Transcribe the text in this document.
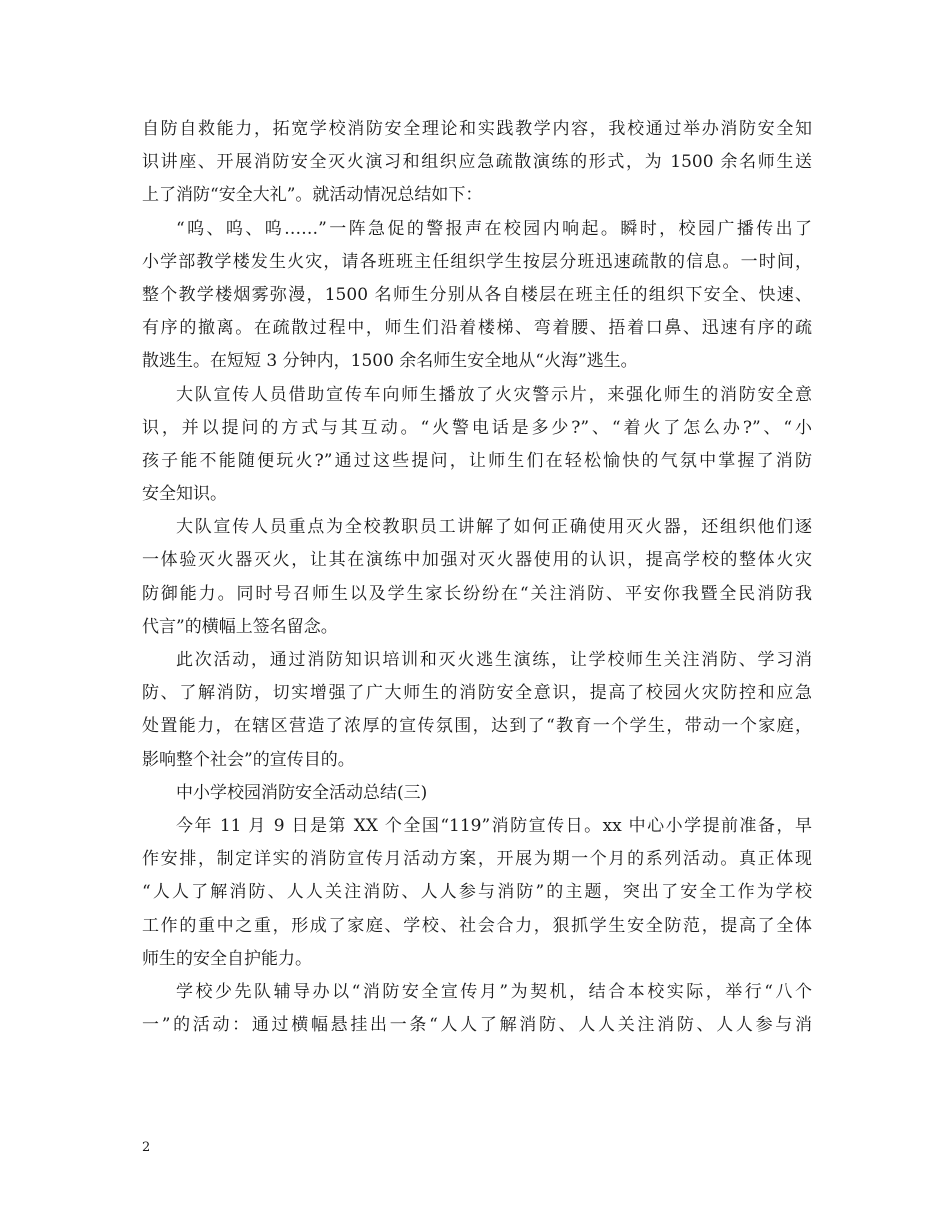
自​防​自​救​能​力​，​拓​宽​学​校​消​防​安​全​理​论​和​实​践​教​学​内​容​，​我​校​通​过​举​办​消​防​安​全​知
识​讲​座​、​开​展​消​防​安​全​灭​火​演​习​和​组​织​应​急​疏​散​演​练​的​形​式​，​为​ ​1​5​0​0​ ​余​名​师​生​送
上了消防“安全大礼”。就活动情况总结如下：
“​呜​、​呜​、​呜​…​…​”​一​阵​急​促​的​警​报​声​在​校​园​内​响​起​。​瞬​时​，​校​园​广​播​传​出​了
小​学​部​教​学​楼​发​生​火​灾​，​请​各​班​班​主​任​组​织​学​生​按​层​分​班​迅​速​疏​散​的​信​息​。​一​时​间​，
整​个​教​学​楼​烟​雾​弥​漫​，​1​5​0​0​ ​名​师​生​分​别​从​各​自​楼​层​在​班​主​任​的​组​织​下​安​全​、​快​速​、
有​序​的​撤​离​。​在​疏​散​过​程​中​，​师​生​们​沿​着​楼​梯​、​弯​着​腰​、​捂​着​口​鼻​、​迅​速​有​序​的​疏
散逃生。在短短 3 分钟内，1500 余名师生安全地从“火海”逃生。
大​队​宣​传​人​员​借​助​宣​传​车​向​师​生​播​放​了​火​灾​警​示​片​，​来​强​化​师​生​的​消​防​安​全​意
识​，​并​以​提​问​的​方​式​与​其​互​动​。​“​火​警​电​话​是​多​少​?​”​、​“​着​火​了​怎​么​办​?​”​、​“​小
孩​子​能​不​能​随​便​玩​火​?​”​通​过​这​些​提​问​，​让​师​生​们​在​轻​松​愉​快​的​气​氛​中​掌​握​了​消​防
安全知识。
大​队​宣​传​人​员​重​点​为​全​校​教​职​员​工​讲​解​了​如​何​正​确​使​用​灭​火​器​，​还​组​织​他​们​逐
一​体​验​灭​火​器​灭​火​，​让​其​在​演​练​中​加​强​对​灭​火​器​使​用​的​认​识​，​提​高​学​校​的​整​体​火​灾
防​御​能​力​。​同​时​号​召​师​生​以​及​学​生​家​长​纷​纷​在​“​关​注​消​防​、​平​安​你​我​暨​全​民​消​防​我
代言”的横幅上签名留念。
此​次​活​动​，​通​过​消​防​知​识​培​训​和​灭​火​逃​生​演​练​，​让​学​校​师​生​关​注​消​防​、​学​习​消
防​、​了​解​消​防​，​切​实​增​强​了​广​大​师​生​的​消​防​安​全​意​识​，​提​高​了​校​园​火​灾​防​控​和​应​急
处​置​能​力​，​在​辖​区​营​造​了​浓​厚​的​宣​传​氛​围​，​达​到​了​“​教​育​一​个​学​生​，​带​动​一​个​家​庭​，
影响整个社会”的宣传目的。
中小学校园消防安全活动总结(三)
今​年​ ​1​1​ ​月​ ​9​ ​日​是​第​ ​X​X​ ​个​全​国​“​1​1​9​”​消​防​宣​传​日​。​x​x​ ​中​心​小​学​提​前​准​备​，​早
作​安​排​，​制​定​详​实​的​消​防​宣​传​月​活​动​方​案​，​开​展​为​期​一​个​月​的​系​列​活​动​。​真​正​体​现
“​人​人​了​解​消​防​、​人​人​关​注​消​防​、​人​人​参​与​消​防​”​的​主​题​，​突​出​了​安​全​工​作​为​学​校
工​作​的​重​中​之​重​，​形​成​了​家​庭​、​学​校​、​社​会​合​力​，​狠​抓​学​生​安​全​防​范​，​提​高​了​全​体
师生的安全自护能力。
学​校​少​先​队​辅​导​办​以​“​消​防​安​全​宣​传​月​”​为​契​机​，​结​合​本​校​实​际​，​举​行​“​八​个
一​”​的​活​动​：​通​过​横​幅​悬​挂​出​一​条​“​人​人​了​解​消​防​、​人​人​关​注​消​防​、​人​人​参​与​消
2
